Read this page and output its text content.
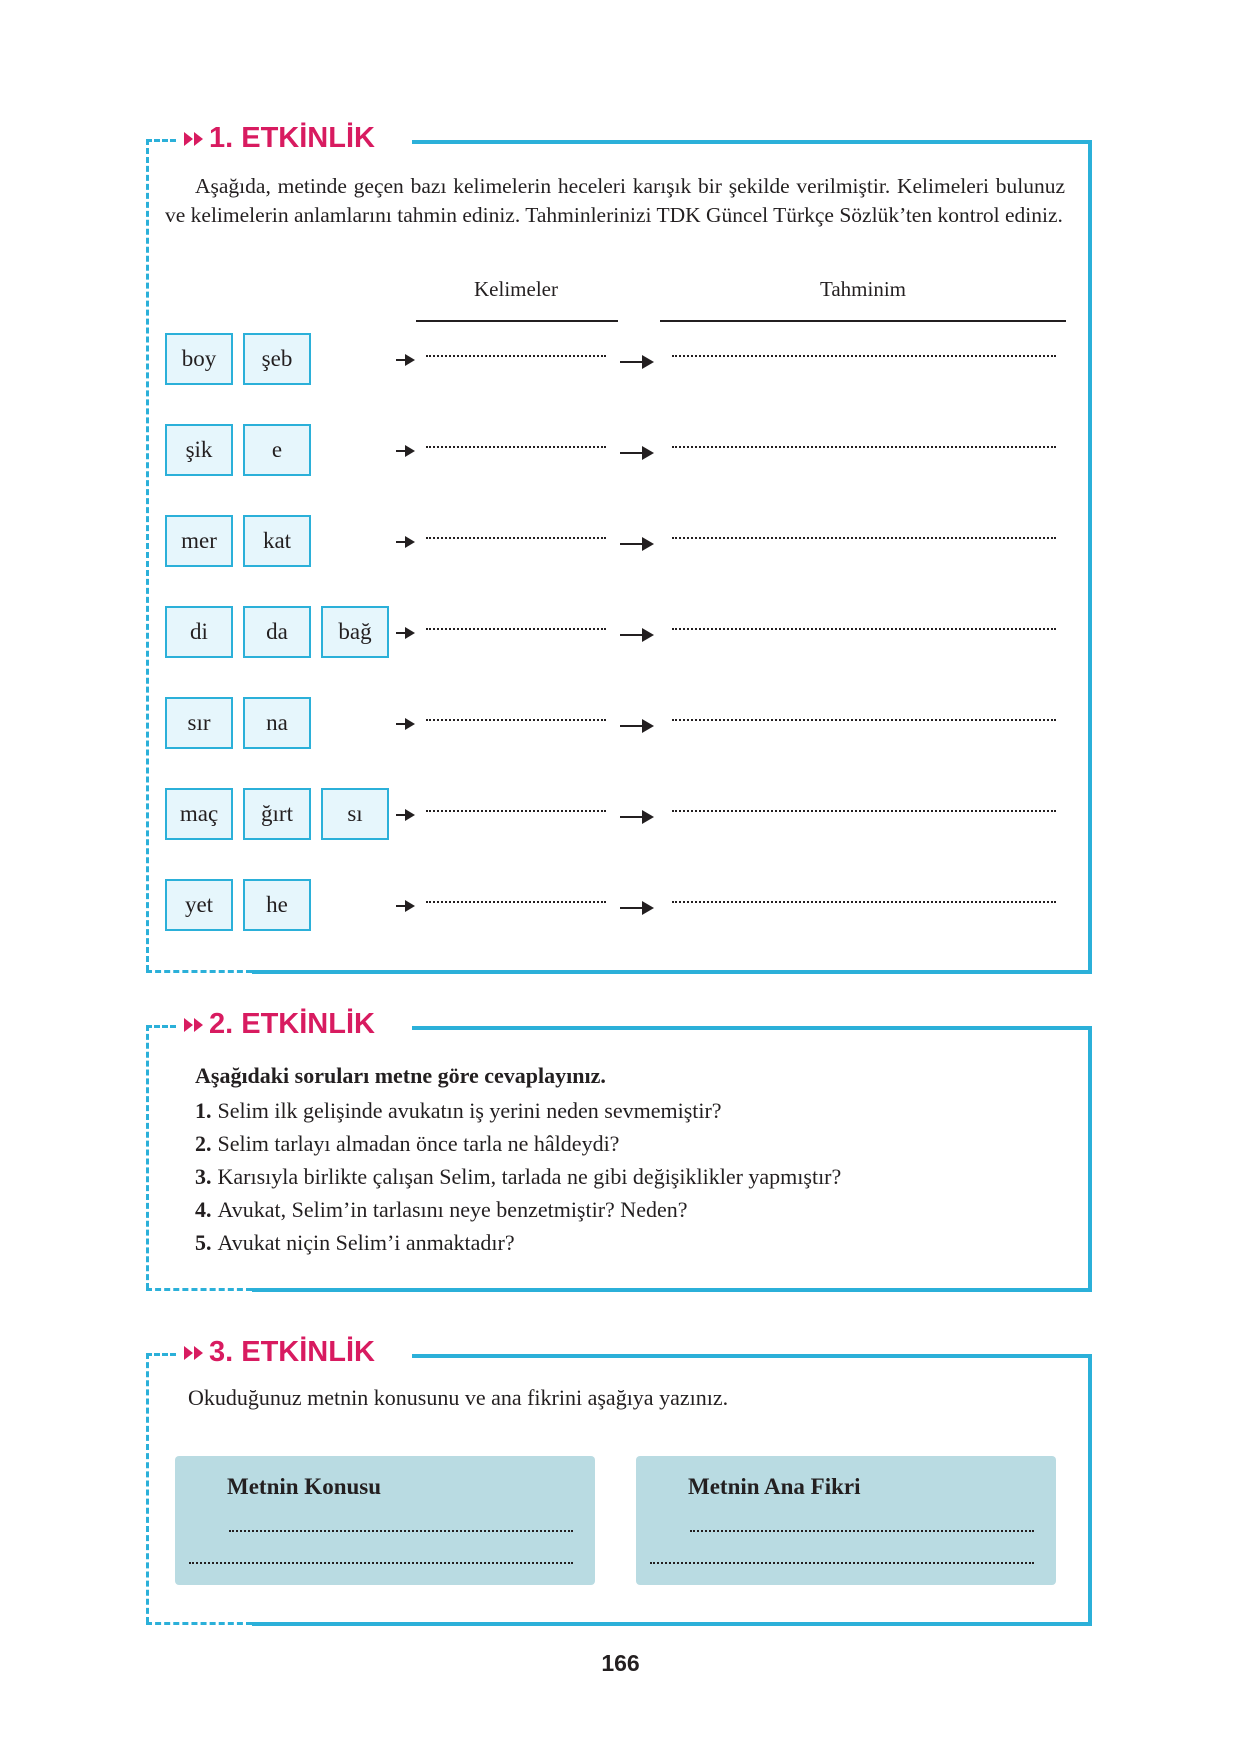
1. ETKİNLİK
Aşağıda, metinde geçen bazı kelimelerin heceleri karışık bir şekilde verilmiştir. Kelimeleri bulunuz ve kelimelerin anlamlarını tahmin ediniz. Tahminlerinizi TDK Güncel Türkçe Sözlük’ten kontrol ediniz.
Kelimeler	Tahminim
boy	şeb
şik	e
mer	kat
di	da	bağ
sır	na
maç	ğırt	sı
yet	he
2. ETKİNLİK
Aşağıdaki soruları metne göre cevaplayınız.
1. Selim ilk gelişinde avukatın iş yerini neden sevmemiştir?
2. Selim tarlayı almadan önce tarla ne hâldeydi?
3. Karısıyla birlikte çalışan Selim, tarlada ne gibi değişiklikler yapmıştır?
4. Avukat, Selim’in tarlasını neye benzetmiştir? Neden?
5. Avukat niçin Selim’i anmaktadır?
3. ETKİNLİK
Okuduğunuz metnin konusunu ve ana fikrini aşağıya yazınız.
Metnin Konusu	Metnin Ana Fikri
166
